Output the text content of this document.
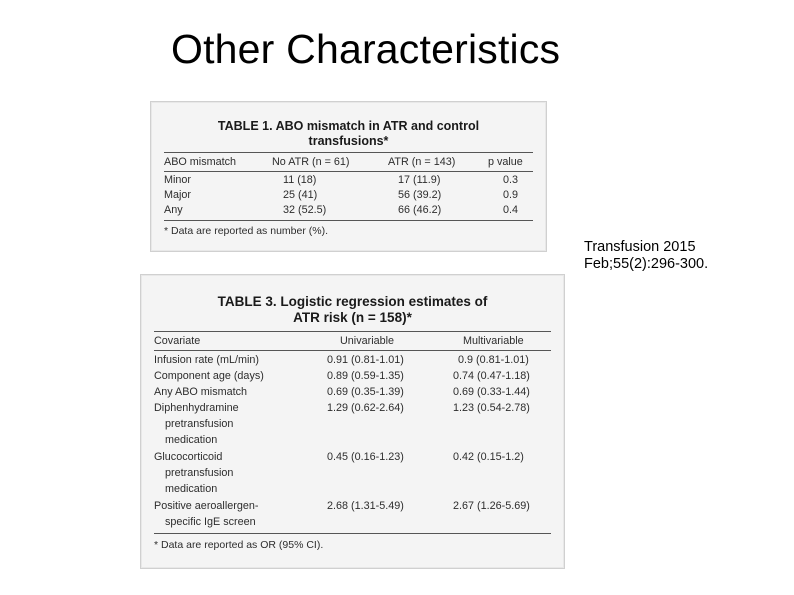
Other Characteristics
TABLE 1. ABO mismatch in ATR and control
transfusions*
ABO mismatch	No ATR (n = 61)	ATR (n = 143)	p value
Minor	11 (18)	17 (11.9)	0.3
Major	25 (41)	56 (39.2)	0.9
Any	32 (52.5)	66 (46.2)	0.4
* Data are reported as number (%).
Transfusion 2015
Feb;55(2):296-300.
TABLE 3. Logistic regression estimates of
ATR risk (n = 158)*
Covariate	Univariable	Multivariable
Infusion rate (mL/min)	0.91 (0.81-1.01)	0.9 (0.81-1.01)
Component age (days)	0.89 (0.59-1.35)	0.74 (0.47-1.18)
Any ABO mismatch	0.69 (0.35-1.39)	0.69 (0.33-1.44)
Diphenhydramine	1.29 (0.62-2.64)	1.23 (0.54-2.78)
pretransfusion
medication
Glucocorticoid	0.45 (0.16-1.23)	0.42 (0.15-1.2)
pretransfusion
medication
Positive aeroallergen-	2.68 (1.31-5.49)	2.67 (1.26-5.69)
specific IgE screen
* Data are reported as OR (95% CI).
